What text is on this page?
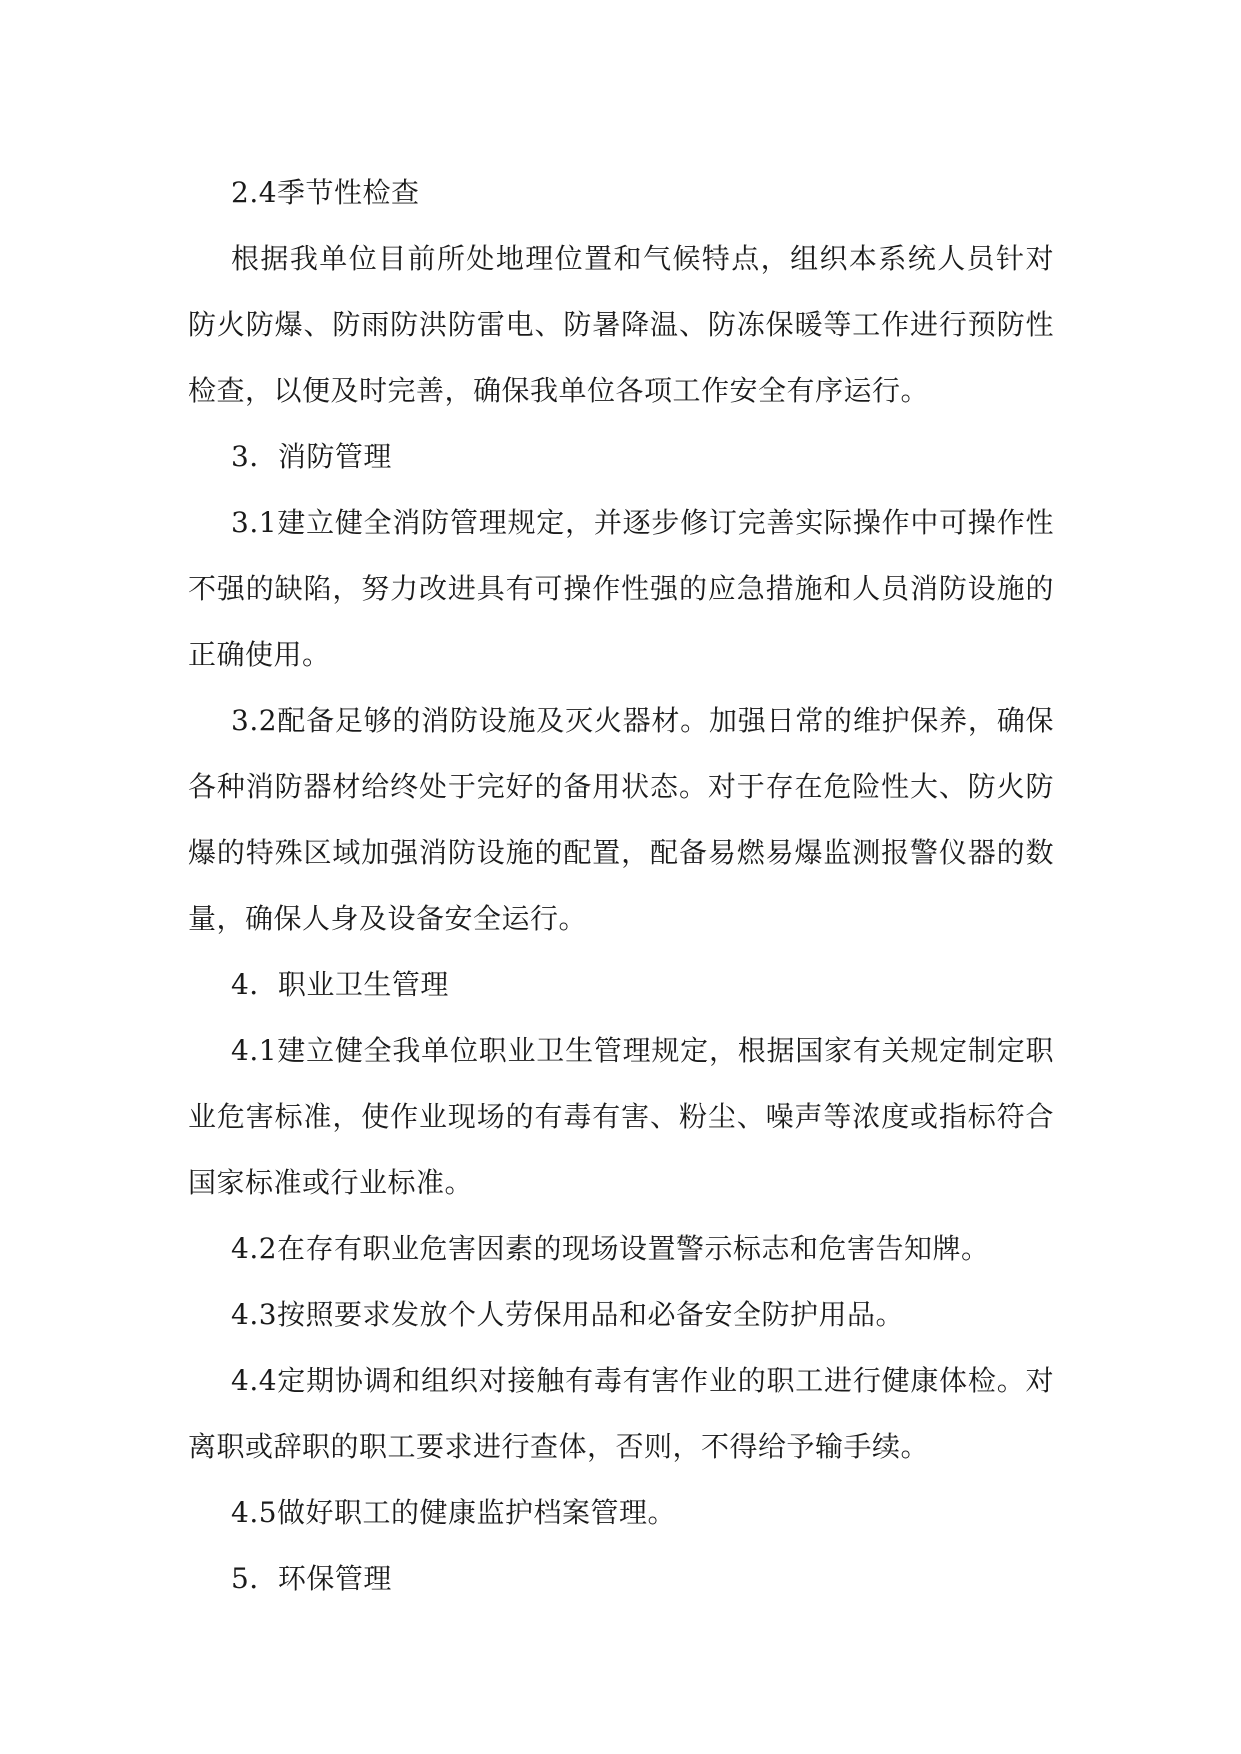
2.4季节性检查

根据我单位目前所处地理位置和气候特点，组织本系统人员针对防火防爆、防雨防洪防雷电、防暑降温、防冻保暖等工作进行预防性检查，以便及时完善，确保我单位各项工作安全有序运行。

3．消防管理

3.1建立健全消防管理规定，并逐步修订完善实际操作中可操作性不强的缺陷，努力改进具有可操作性强的应急措施和人员消防设施的正确使用。

3.2配备足够的消防设施及灭火器材。加强日常的维护保养，确保各种消防器材给终处于完好的备用状态。对于存在危险性大、防火防爆的特殊区域加强消防设施的配置，配备易燃易爆监测报警仪器的数量，确保人身及设备安全运行。

4．职业卫生管理

4.1建立健全我单位职业卫生管理规定，根据国家有关规定制定职业危害标准，使作业现场的有毒有害、粉尘、噪声等浓度或指标符合国家标准或行业标准。

4.2在存有职业危害因素的现场设置警示标志和危害告知牌。

4.3按照要求发放个人劳保用品和必备安全防护用品。

4.4定期协调和组织对接触有毒有害作业的职工进行健康体检。对离职或辞职的职工要求进行查体，否则，不得给予输手续。

4.5做好职工的健康监护档案管理。

5．环保管理
